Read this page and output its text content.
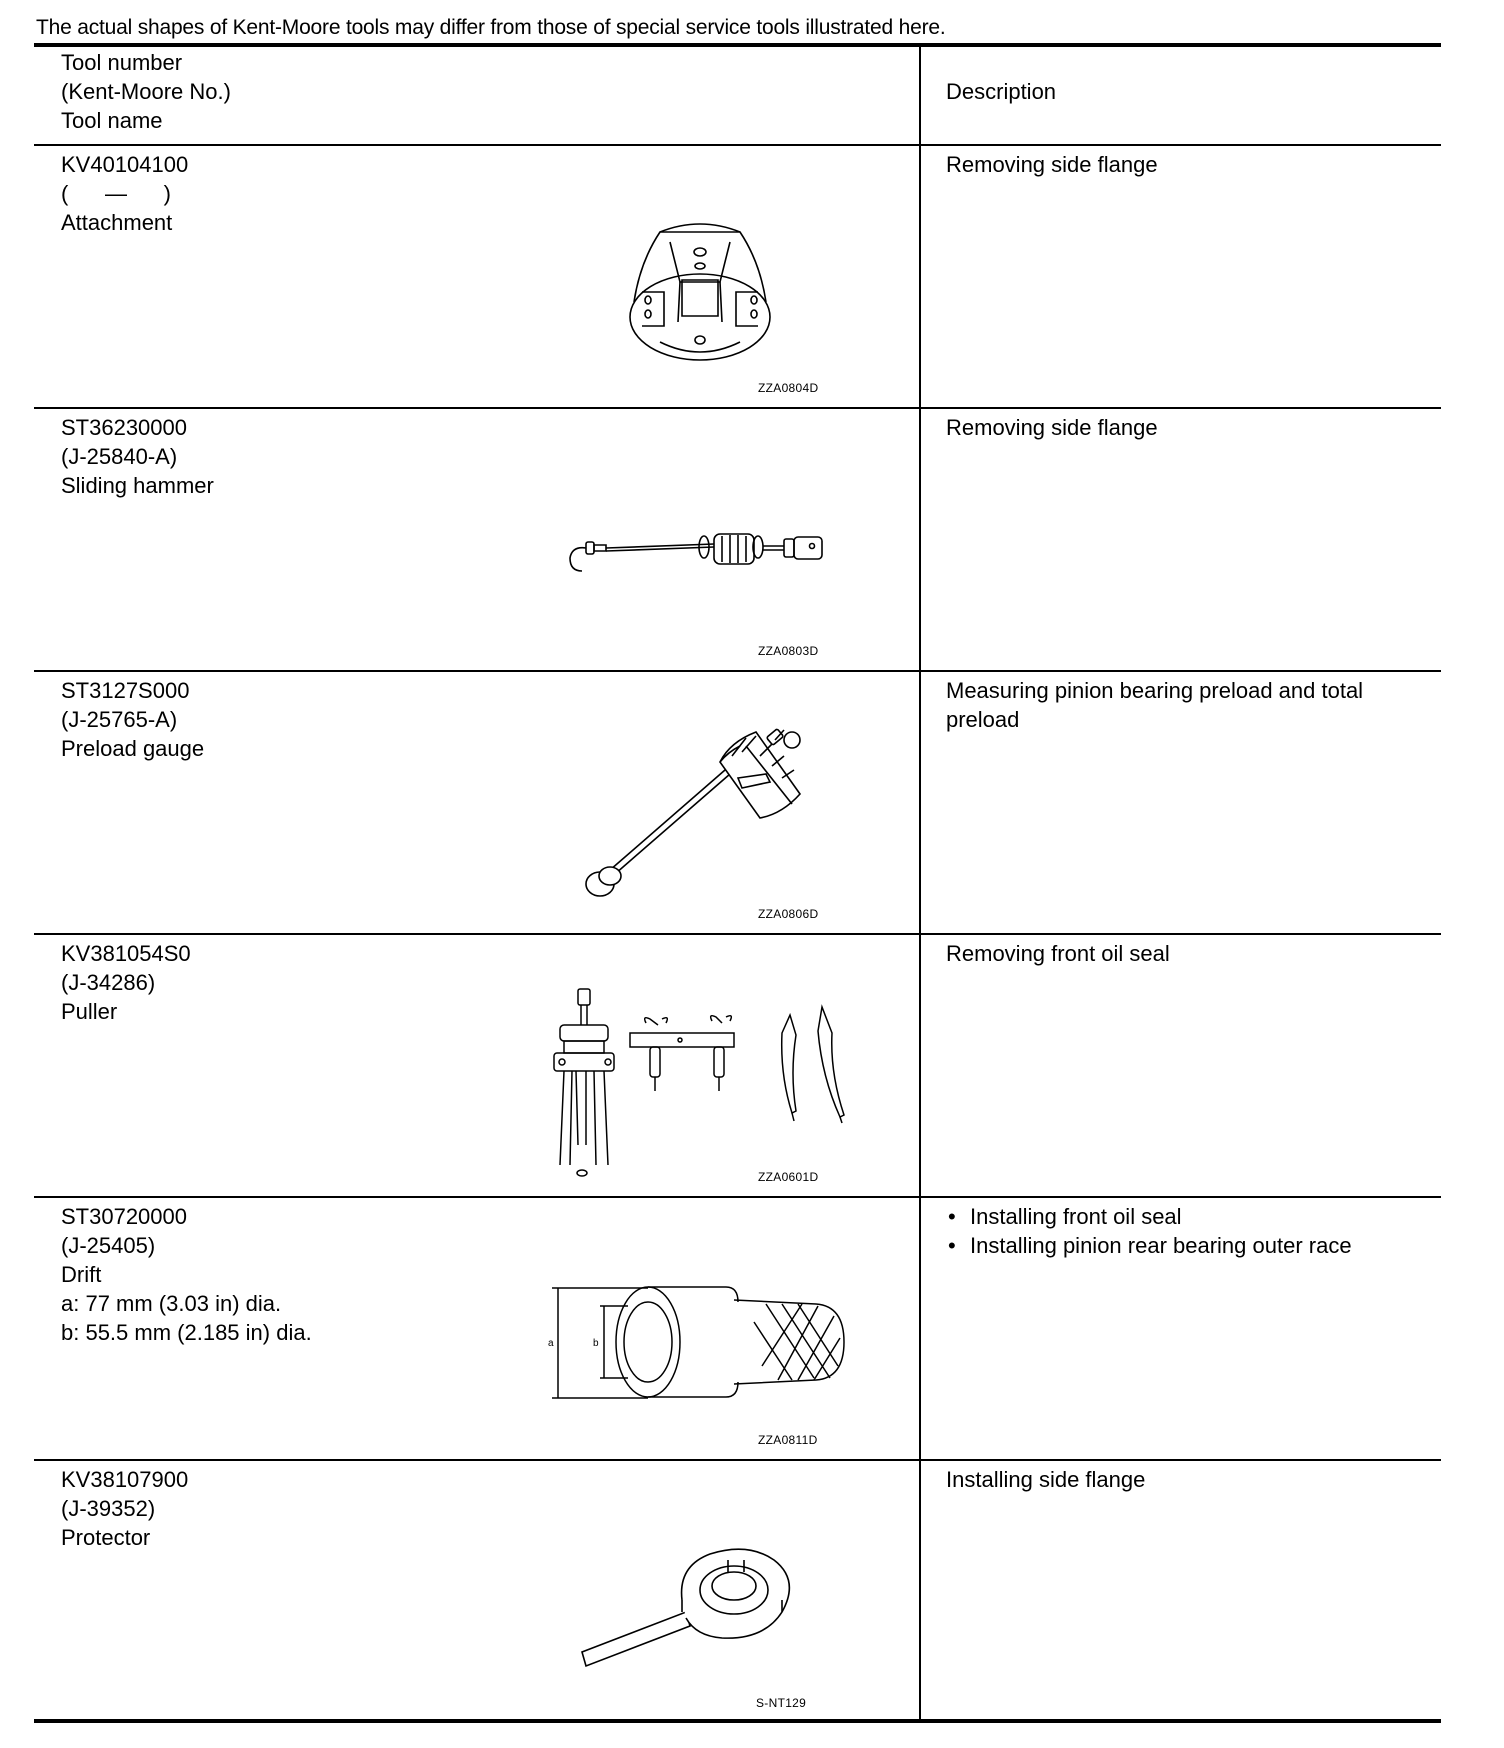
The actual shapes of Kent-Moore tools may differ from those of special service tools illustrated here.
Tool number
(Kent-Moore No.)
Tool name
Description
KV40104100
(      —      )
Attachment
ZZA0804D
Removing side flange
ST36230000
(J-25840-A)
Sliding hammer
ZZA0803D
Removing side flange
ST3127S000
(J-25765-A)
Preload gauge
ZZA0806D
Measuring pinion bearing preload and total
preload
KV381054S0
(J-34286)
Puller
ZZA0601D
Removing front oil seal
ST30720000
(J-25405)
Drift
a: 77 mm (3.03 in) dia.
b: 55.5 mm (2.185 in) dia.	a	b
ZZA0811D
• Installing front oil seal
• Installing pinion rear bearing outer race
KV38107900
(J-39352)
Protector
S-NT129
Installing side flange
